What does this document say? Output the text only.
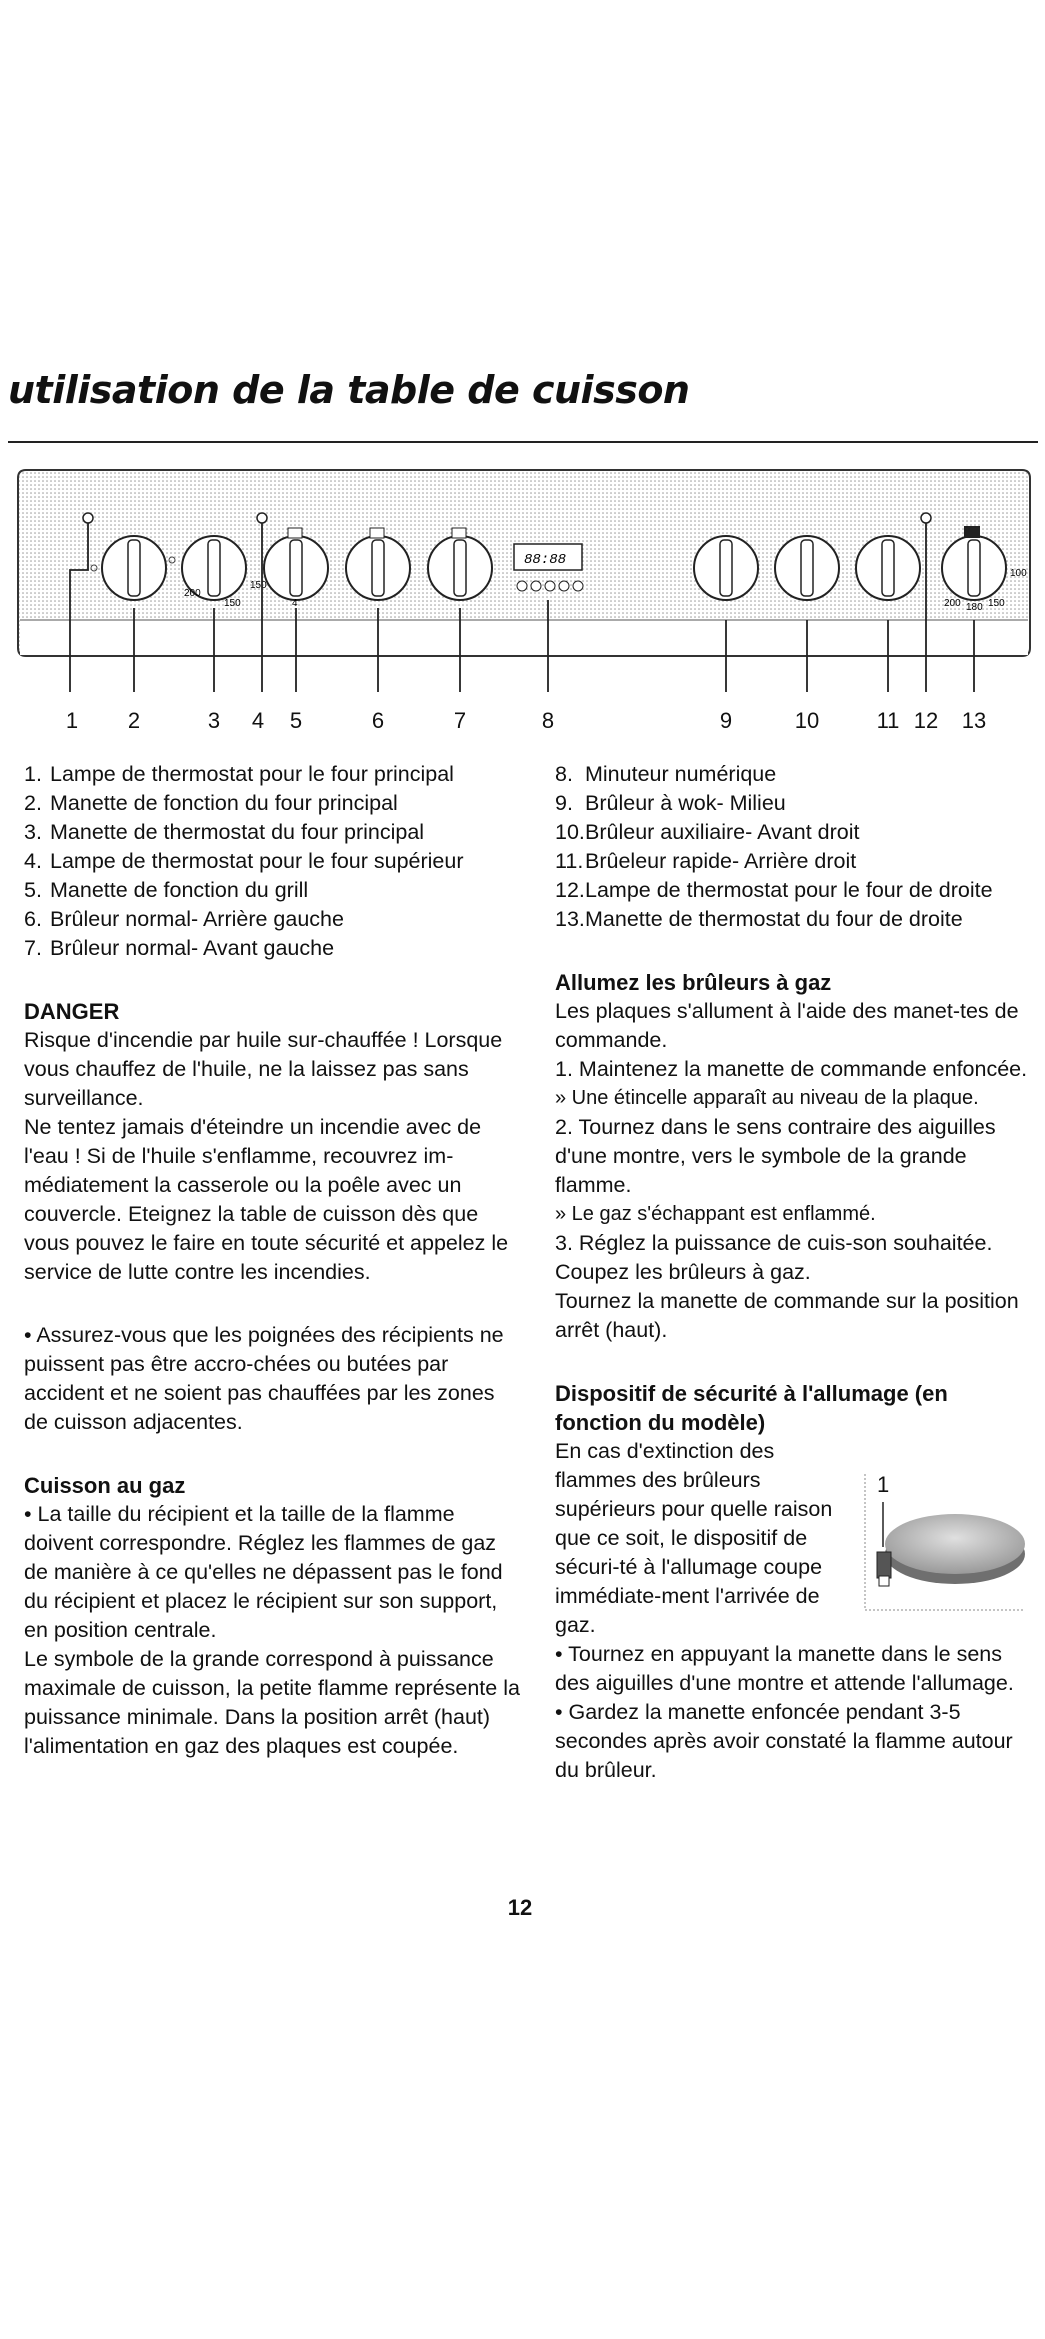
utilisation de la table de cuisson
200
150
150
4
100
200 180 150
88:88
1	2	3	4	5	6	7	8	9	10	11 12	13
1. Lampe de thermostat pour le four principal
2. Manette de fonction du four principal
3. Manette de thermostat du four principal
4. Lampe de thermostat pour le four supérieur
5. Manette de fonction du grill
6. Brûleur normal- Arrière gauche
7. Brûleur normal- Avant gauche

DANGER

Risque d'incendie par huile sur-chauffée ! Lorsque vous chauffez de l'huile, ne la laissez pas sans surveillance.

Ne tentez jamais d'éteindre un incendie avec de l'eau ! Si de l'huile s'enflamme, recouvrez im-médiatement la casserole ou la poêle avec un couvercle. Eteignez la table de cuisson dès que vous pouvez le faire en toute sécurité et appelez le service de lutte contre les incendies.

• Assurez-vous que les poignées des récipients ne puissent pas être accro-chées ou butées par accident et ne soient pas chauffées par les zones de cuisson adjacentes.

Cuisson au gaz

• La taille du récipient et la taille de la flamme doivent correspondre. Réglez les flammes de gaz de manière à ce qu'elles ne dépassent pas le fond du récipient et placez le récipient sur son support, en position centrale.

Le symbole de la grande correspond à puissance maximale de cuisson, la petite flamme représente la puissance minimale. Dans la position arrêt (haut) l'alimentation en gaz des plaques est coupée.

8. Minuteur numérique
9. Brûleur à wok- Milieu
10. Brûleur auxiliaire- Avant droit
11. Brûeleur rapide- Arrière droit
12. Lampe de thermostat pour le four de droite
13. Manette de thermostat du four de droite

Allumez les brûleurs à gaz

Les plaques s'allument à l'aide des manet-tes de commande.

1. Maintenez la manette de commande enfoncée.

» Une étincelle apparaît au niveau de la plaque.

2. Tournez dans le sens contraire des aiguilles d'une montre, vers le symbole de la grande flamme.

» Le gaz s'échappant est enflammé.

3. Réglez la puissance de cuis-son souhaitée.

Coupez les brûleurs à gaz.

Tournez la manette de commande sur la position arrêt (haut).

Dispositif de sécurité à l'allumage (en fonction du modèle)

En cas d'extinction des flammes des brûleurs supérieurs pour quelle raison que ce soit, le dispositif de sécuri-té à l'allumage coupe immédiate-ment l'arrivée de gaz.

• Tournez en appuyant la manette dans le sens des aiguilles d'une montre et attende l'allumage.

• Gardez la manette enfoncée pendant 3-5 secondes après avoir constaté la flamme autour du brûleur.

1
12
